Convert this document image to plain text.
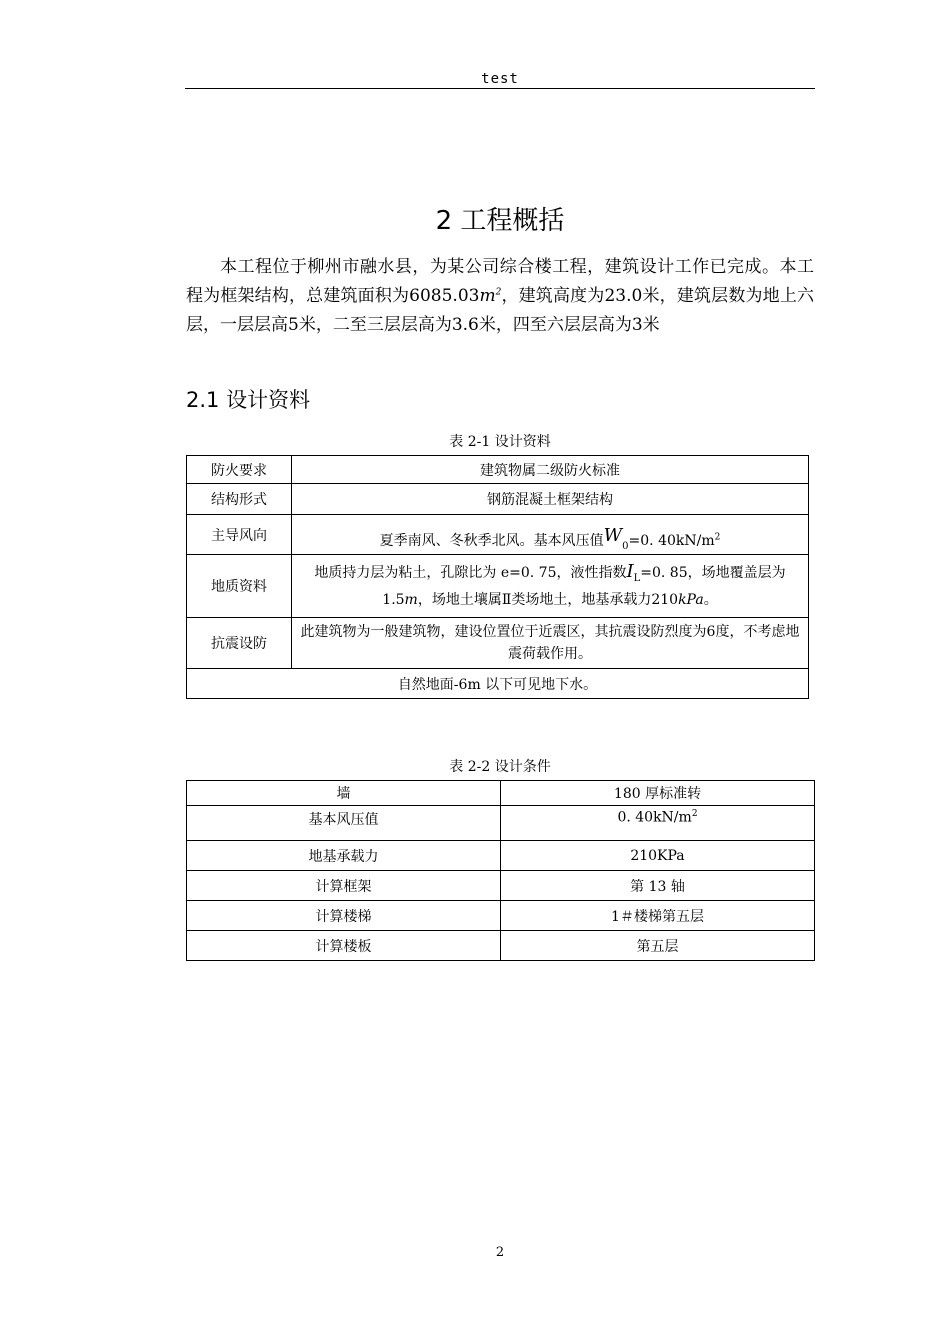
test
2 工程概括

本工程位于柳州市融水县，为某公司综合楼工程，建筑设计工作已完成。本工程为框架结构，总建筑面积为$6085.03m^2$，建筑高度为23.0米，建筑层数为地上六层，一层层高5米，二至三层层高为3.6米，四至六层层高为3米

2.1 设计资料
表 2-1 设计资料
防火要求	建筑物属二级防火标准
结构形式	钢筋混凝土框架结构
主导风向	夏季南风、冬秋季北风。基本风压值$W_0=0$. $40kN/m^2$
地质资料	地质持力层为粘土，孔隙比为 e=0. 75，液性指数$I_L=0$. 85，场地覆盖层为1.5m，场地土壤属Ⅱ类场地土，地基承载力210kPa。
抗震设防	此建筑物为一般建筑物，建设位置位于近震区，其抗震设防烈度为6度，不考虑地震荷载作用。
自然地面-6m 以下可见地下水。	
表 2-2 设计条件
墙	180 厚标准转
基本风压值	0. $40kN/m^2$
地基承载力	210KPa
计算框架	第 13 轴
计算楼梯	1＃楼梯第五层
计算楼板	第五层
2
